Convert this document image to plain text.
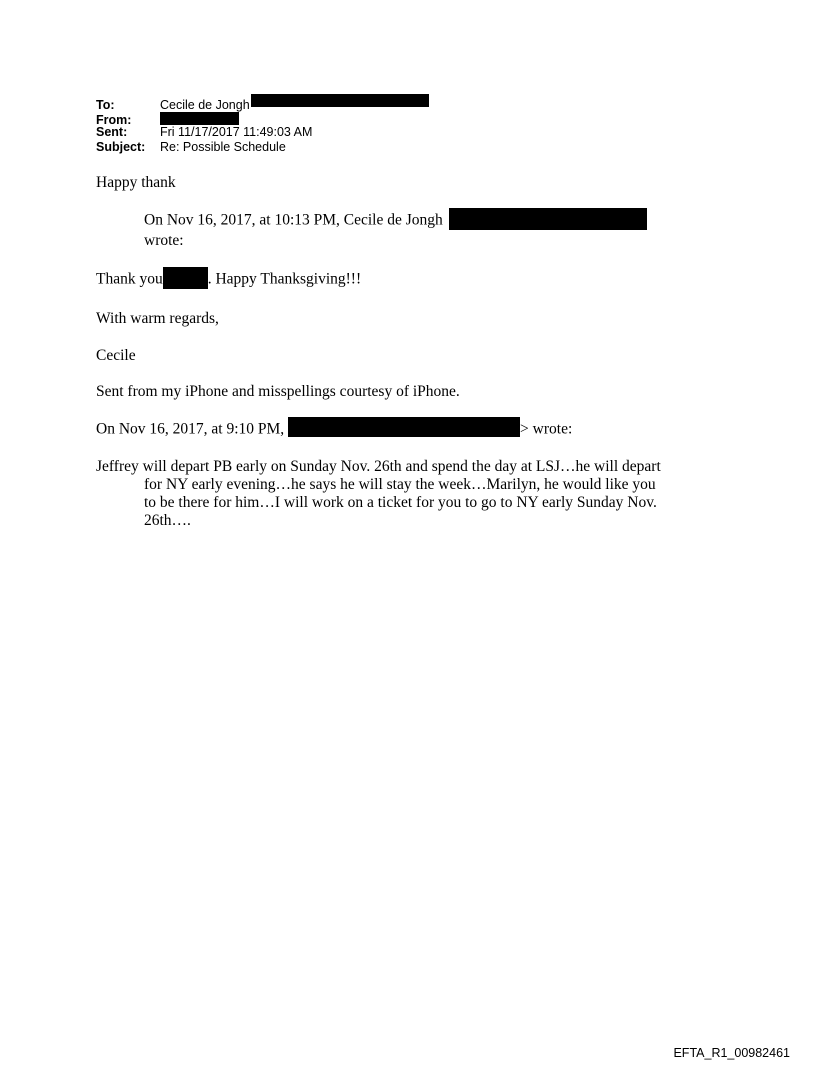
To:	Cecile de Jongh
From:
Sent:	Fri 11/17/2017 11:49:03 AM
Subject:	Re: Possible Schedule

Happy thank

On Nov 16, 2017, at 10:13 PM, Cecile de Jongh
wrote:

Thank you	. Happy Thanksgiving!!!

With warm regards,

Cecile

Sent from my iPhone and misspellings courtesy of iPhone.

On Nov 16, 2017, at 9:10 PM,	> wrote:

Jeffrey will depart PB early on Sunday Nov. 26th and spend the day at LSJ…he will depart for NY early evening…he says he will stay the week…Marilyn, he would like you to be there for him…I will work on a ticket for you to go to NY early Sunday Nov. 26th….

EFTA_R1_00982461
